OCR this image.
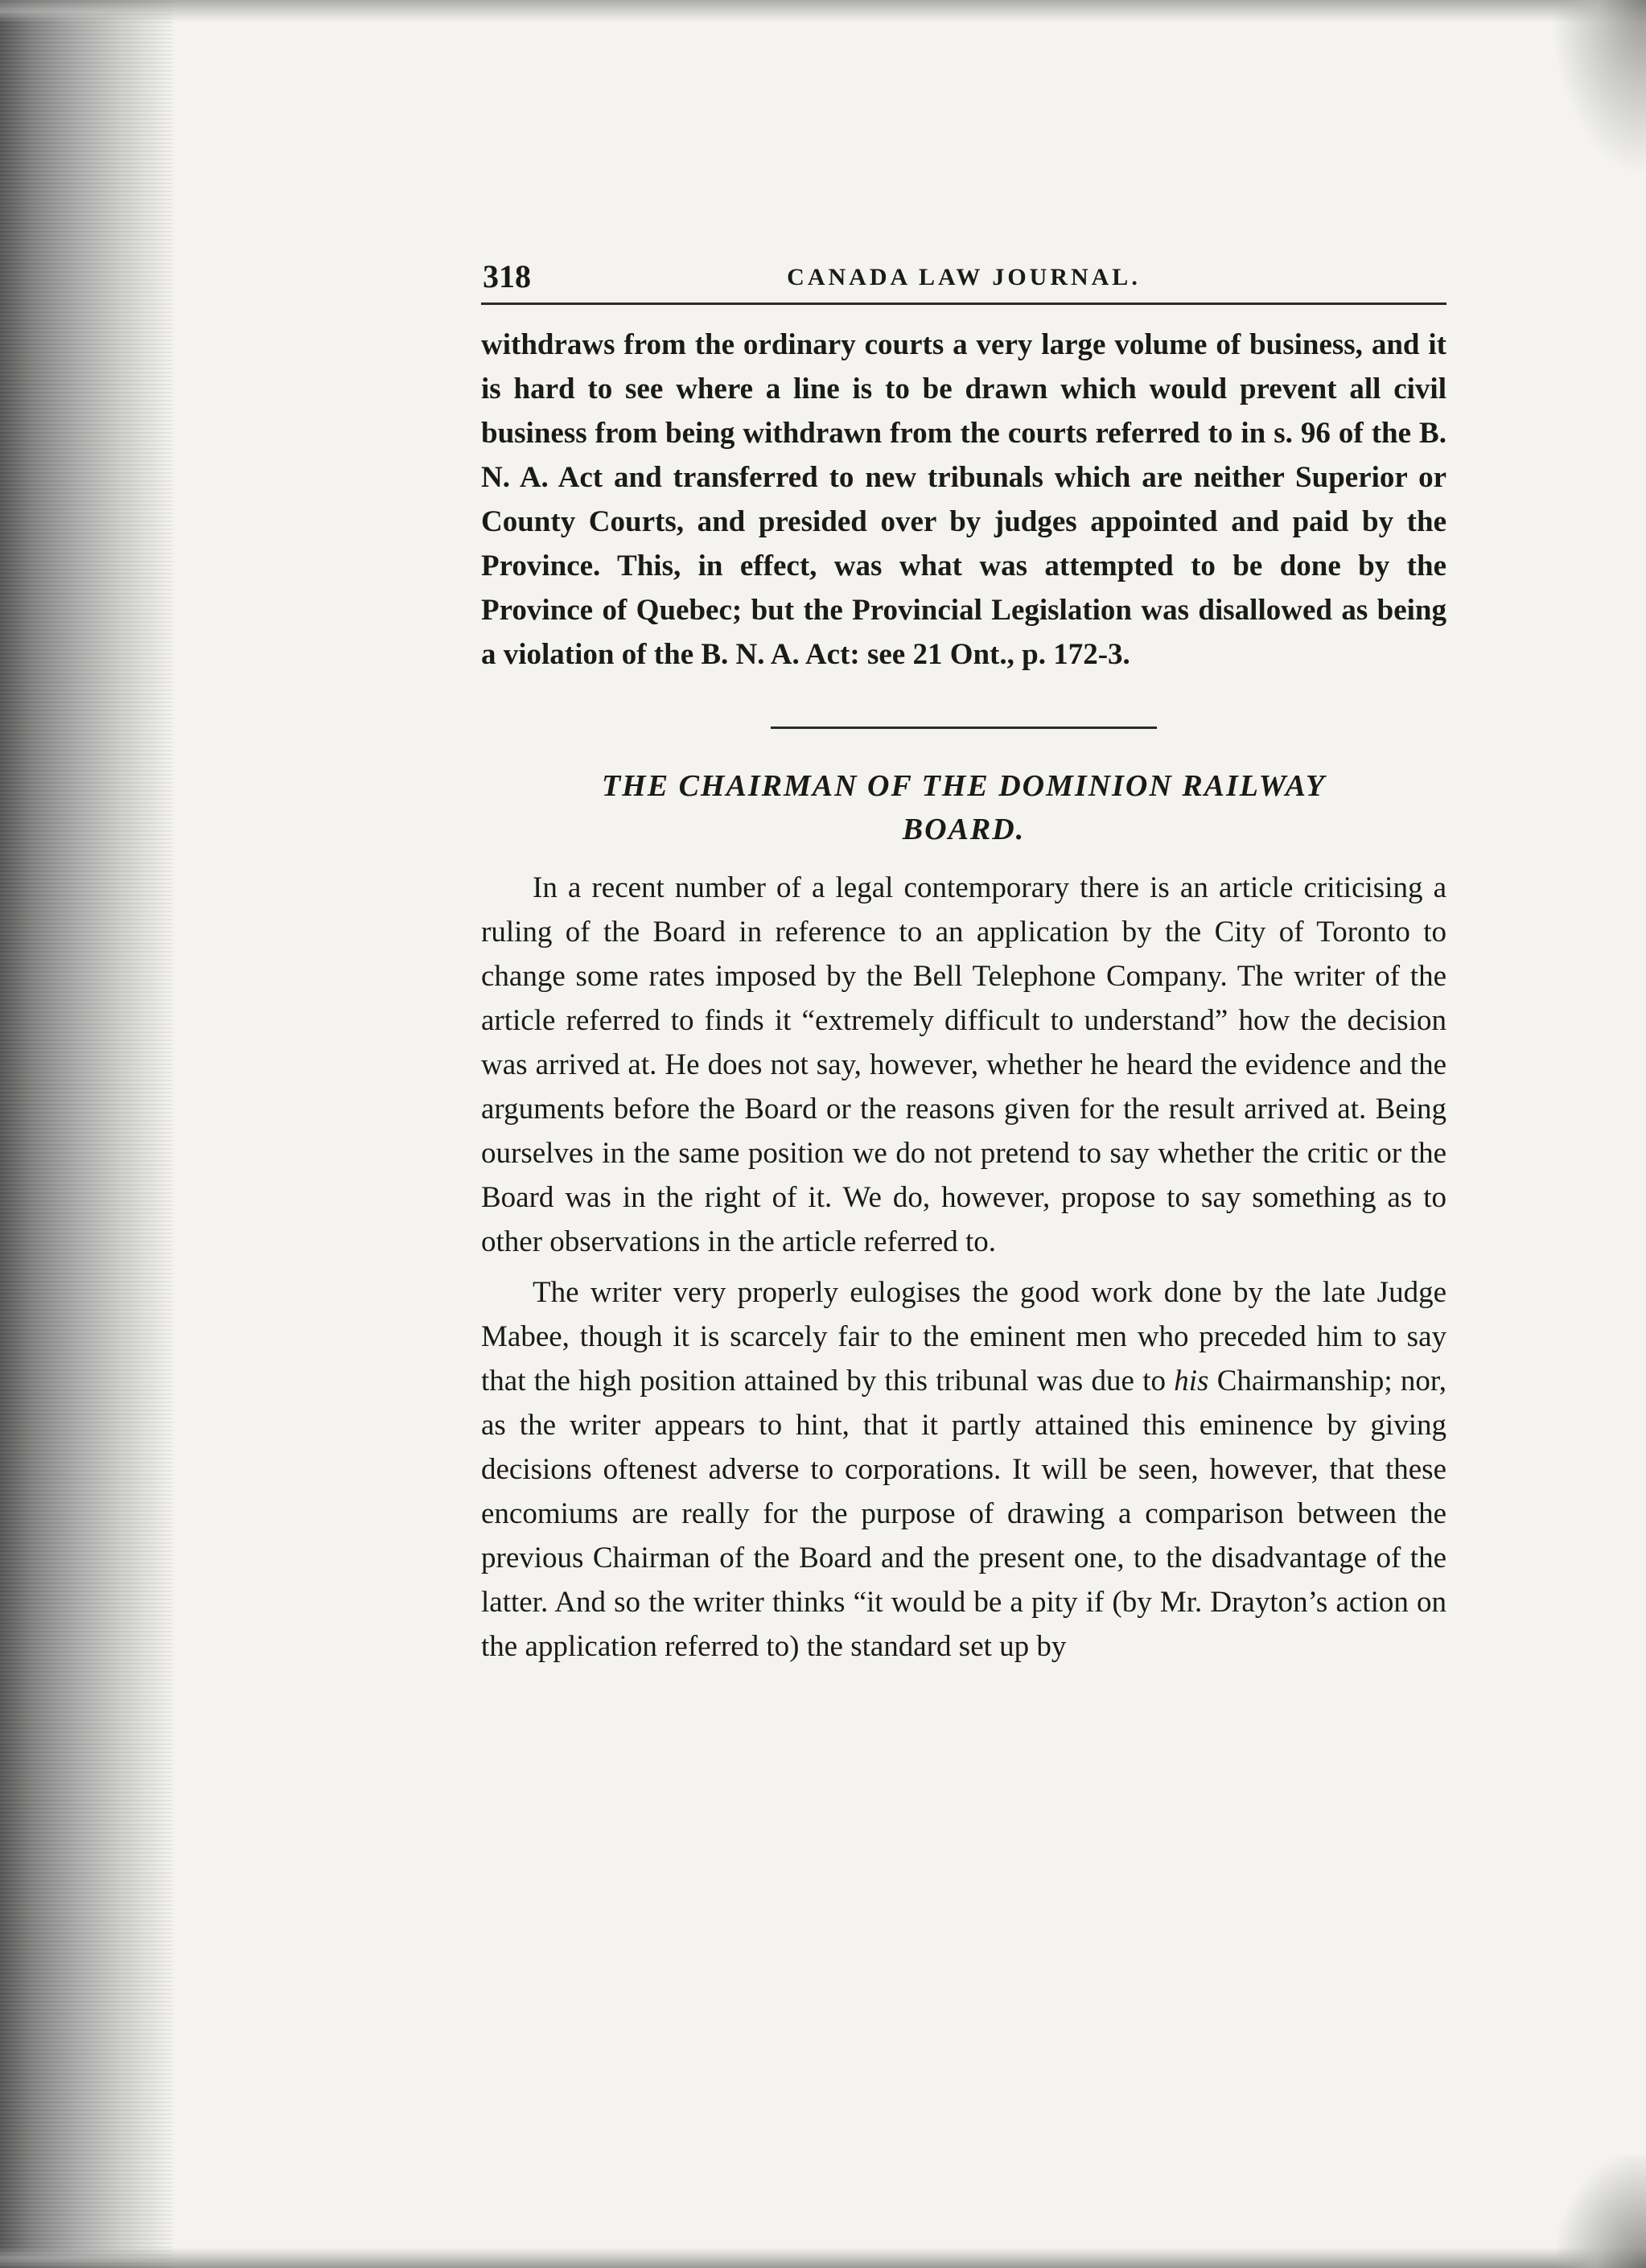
318	CANADA LAW JOURNAL.

withdraws from the ordinary courts a very large volume of business, and it is hard to see where a line is to be drawn which would prevent all civil business from being withdrawn from the courts referred to in s. 96 of the B. N. A. Act and transferred to new tribunals which are neither Superior or County Courts, and presided over by judges appointed and paid by the Province. This, in effect, was what was attempted to be done by the Province of Quebec; but the Provincial Legislation was disallowed as being a violation of the B. N. A. Act: see 21 Ont., p. 172-3.

THE CHAIRMAN OF THE DOMINION RAILWAY
BOARD.

In a recent number of a legal contemporary there is an article criticising a ruling of the Board in reference to an application by the City of Toronto to change some rates imposed by the Bell Telephone Company. The writer of the article referred to finds it “extremely difficult to understand” how the decision was arrived at. He does not say, however, whether he heard the evidence and the arguments before the Board or the reasons given for the result arrived at. Being ourselves in the same position we do not pretend to say whether the critic or the Board was in the right of it. We do, however, propose to say something as to other observations in the article referred to.

The writer very properly eulogises the good work done by the late Judge Mabee, though it is scarcely fair to the eminent men who preceded him to say that the high position attained by this tribunal was due to his Chairmanship; nor, as the writer appears to hint, that it partly attained this eminence by giving decisions oftenest adverse to corporations. It will be seen, however, that these encomiums are really for the purpose of drawing a comparison between the previous Chairman of the Board and the present one, to the disadvantage of the latter. And so the writer thinks “it would be a pity if (by Mr. Drayton’s action on the application referred to) the standard set up by
